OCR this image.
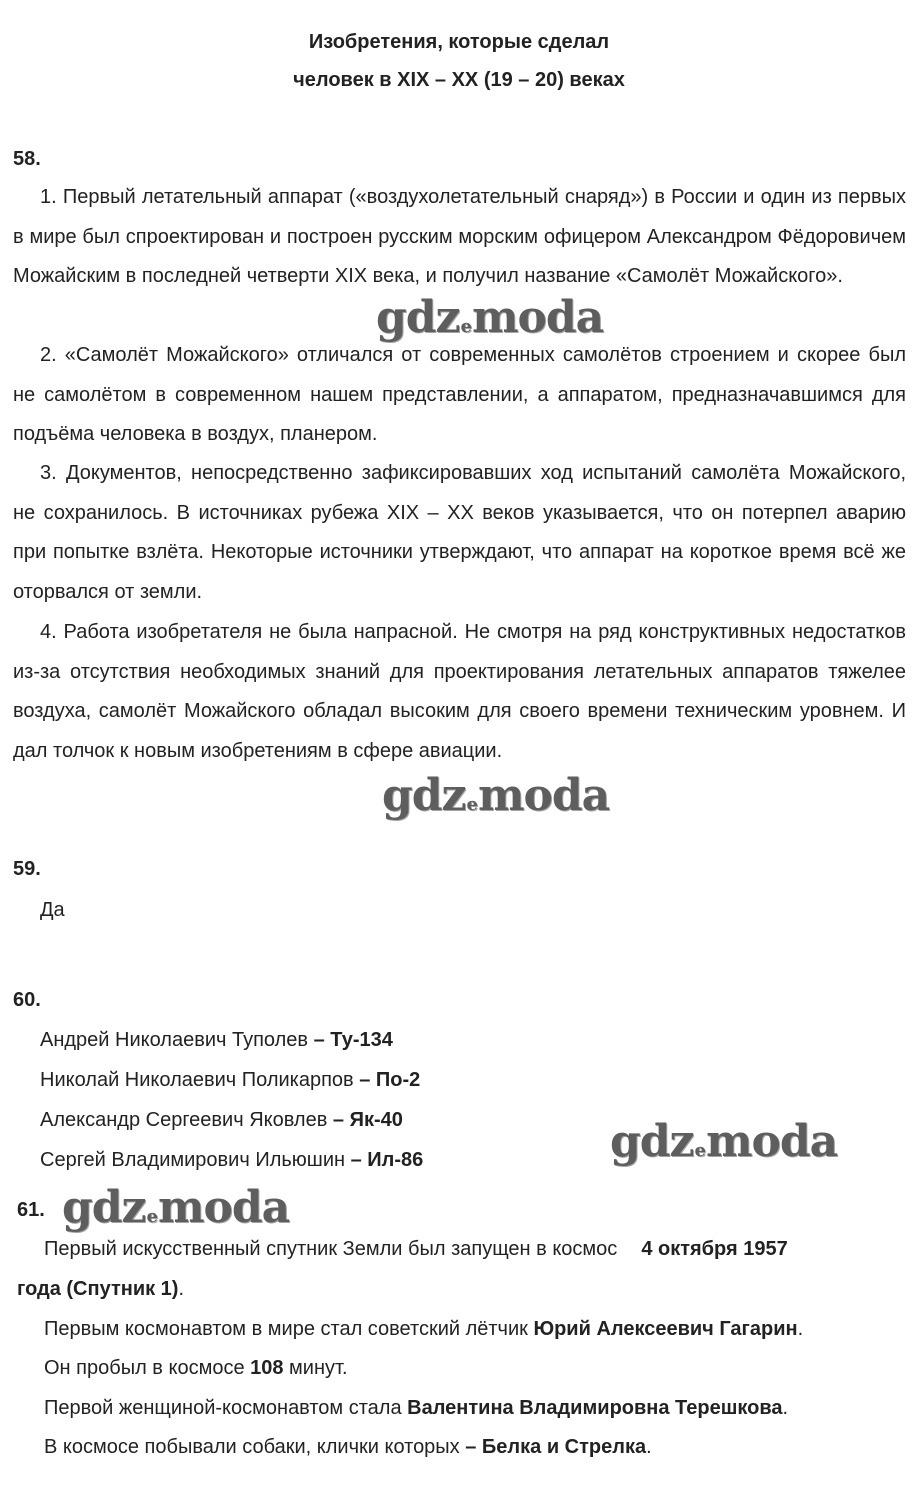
Изобретения, которые сделал
человек в XIX – XX (19 – 20) веках
58.
1. Первый летательный аппарат («воздухолетательный снаряд») в России и один из первых в мире был спроектирован и построен русским морским офицером Александром Фёдоровичем Можайским в последней четверти XIX века, и получил название «Самолёт Можайского».
2. «Самолёт Можайского» отличался от современных самолётов строением и скорее был не самолётом в современном нашем представлении, а аппаратом, предназначавшимся для подъёма человека в воздух, планером.
3. Документов, непосредственно зафиксировавших ход испытаний самолёта Можайского, не сохранилось. В источниках рубежа XIX – XX веков указывается, что он потерпел аварию при попытке взлёта. Некоторые источники утверждают, что аппарат на короткое время всё же оторвался от земли.
4. Работа изобретателя не была напрасной. Не смотря на ряд конструктивных недостатков из-за отсутствия необходимых знаний для проектирования летательных аппаратов тяжелее воздуха, самолёт Можайского обладал высоким для своего времени техническим уровнем. И дал толчок к новым изобретениям в сфере авиации.
59.
Да
60.
Андрей Николаевич Туполев – Ту-134
Николай Николаевич Поликарпов – По-2
Александр Сергеевич Яковлев – Як-40
Сергей Владимирович Ильюшин – Ил-86
61.
Первый искусственный спутник Земли был запущен в космос 4 октября 1957
года (Спутник 1).
Первым космонавтом в мире стал советский лётчик Юрий Алексеевич Гагарин.
Он пробыл в космосе 108 минут.
Первой женщиной-космонавтом стала Валентина Владимировна Терешкова.
В космосе побывали собаки, клички которых – Белка и Стрелка.
gdzemoda
gdzemoda
gdzemoda
gdzemoda
